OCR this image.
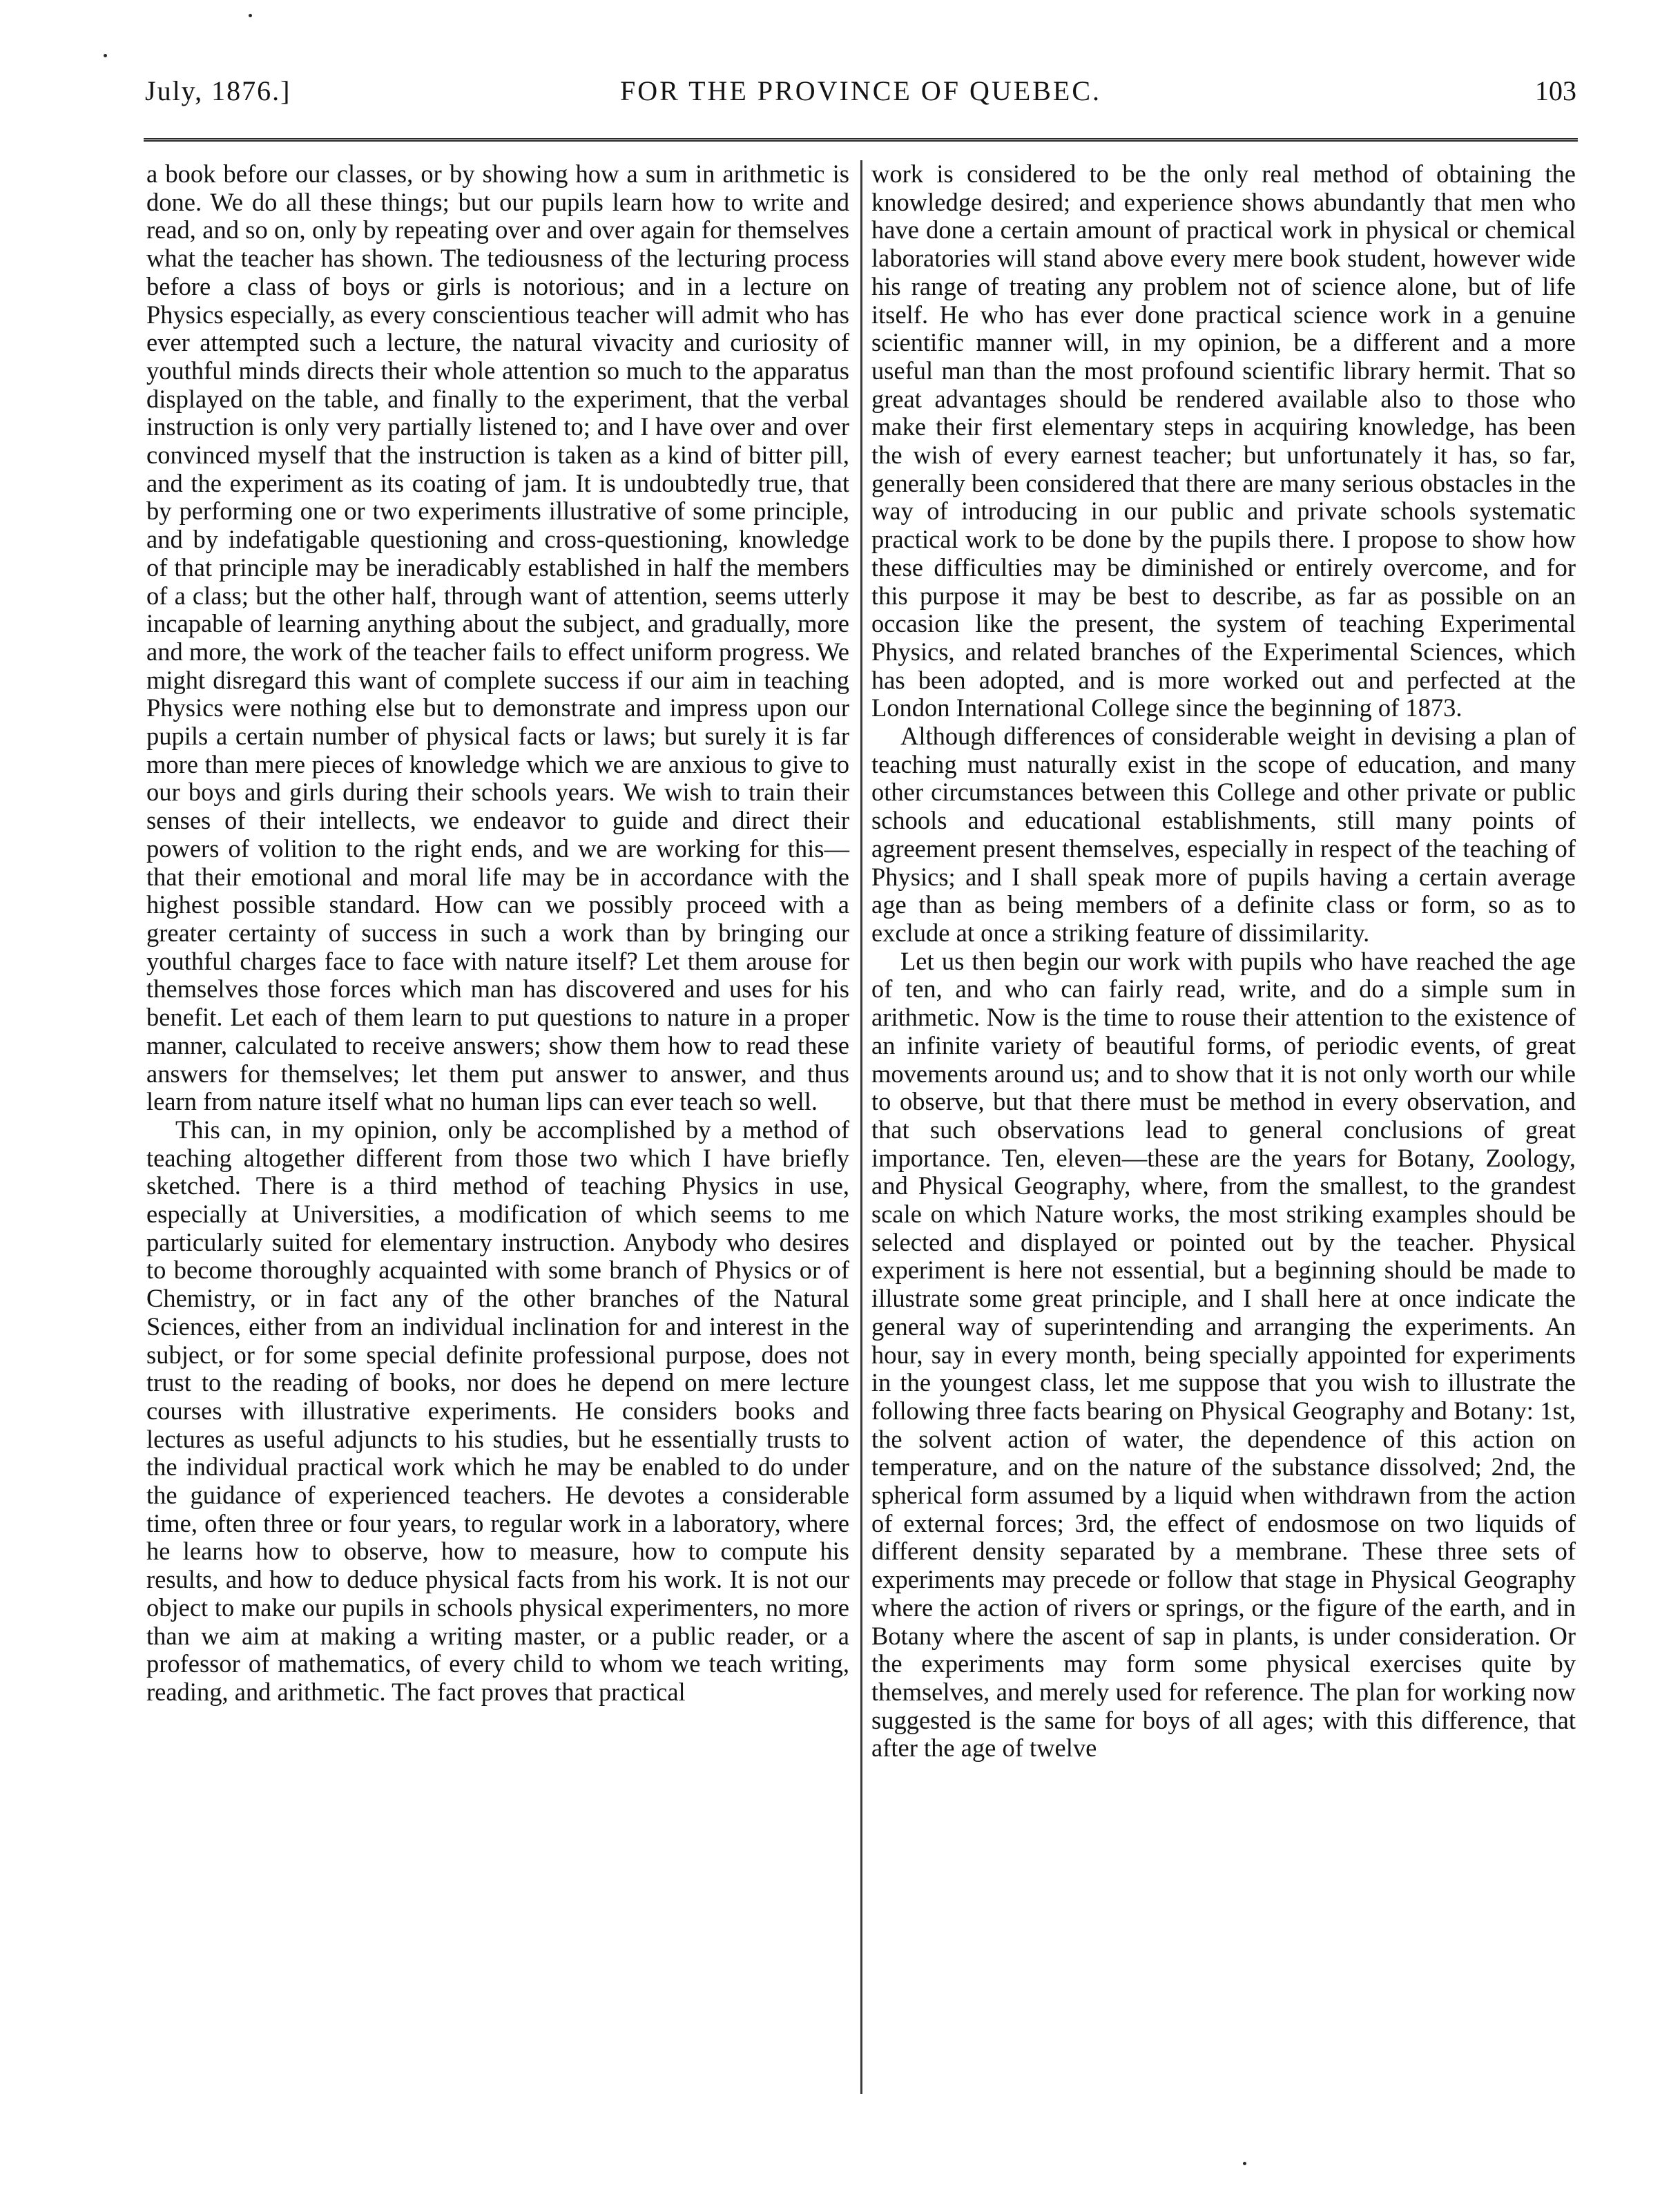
July, 1876.]	FOR THE PROVINCE OF QUEBEC.	103

a book before our classes, or by showing how a sum in arithmetic is done. We do all these things; but our pupils learn how to write and read, and so on, only by repeating over and over again for themselves what the teacher has shown. The tediousness of the lecturing process before a class of boys or girls is notorious; and in a lecture on Physics especially, as every conscientious teacher will admit who has ever attempted such a lecture, the natural vivacity and curiosity of youthful minds directs their whole attention so much to the apparatus displayed on the table, and finally to the experiment, that the verbal instruction is only very partially listened to; and I have over and over convinced myself that the instruction is taken as a kind of bitter pill, and the experiment as its coating of jam. It is undoubtedly true, that by performing one or two experiments illustrative of some principle, and by indefatigable questioning and cross-questioning, knowledge of that principle may be ineradicably established in half the members of a class; but the other half, through want of attention, seems utterly incapable of learning anything about the subject, and gradually, more and more, the work of the teacher fails to effect uniform progress. We might disregard this want of complete success if our aim in teaching Physics were nothing else but to demonstrate and impress upon our pupils a certain number of physical facts or laws; but surely it is far more than mere pieces of knowledge which we are anxious to give to our boys and girls during their schools years. We wish to train their senses of their intellects, we endeavor to guide and direct their powers of volition to the right ends, and we are working for this—that their emotional and moral life may be in accordance with the highest possible standard. How can we possibly proceed with a greater certainty of success in such a work than by bringing our youthful charges face to face with nature itself? Let them arouse for themselves those forces which man has discovered and uses for his benefit. Let each of them learn to put questions to nature in a proper manner, calculated to receive answers; show them how to read these answers for themselves; let them put answer to answer, and thus learn from nature itself what no human lips can ever teach so well.

This can, in my opinion, only be accomplished by a method of teaching altogether different from those two which I have briefly sketched. There is a third method of teaching Physics in use, especially at Universities, a modification of which seems to me particularly suited for elementary instruction. Anybody who desires to become thoroughly acquainted with some branch of Physics or of Chemistry, or in fact any of the other branches of the Natural Sciences, either from an individual inclination for and interest in the subject, or for some special definite professional purpose, does not trust to the reading of books, nor does he depend on mere lecture courses with illustrative experiments. He considers books and lectures as useful adjuncts to his studies, but he essentially trusts to the individual practical work which he may be enabled to do under the guidance of experienced teachers. He devotes a considerable time, often three or four years, to regular work in a laboratory, where he learns how to observe, how to measure, how to compute his results, and how to deduce physical facts from his work. It is not our object to make our pupils in schools physical experimenters, no more than we aim at making a writing master, or a public reader, or a professor of mathematics, of every child to whom we teach writing, reading, and arithmetic. The fact proves that practical

work is considered to be the only real method of obtaining the knowledge desired; and experience shows abundantly that men who have done a certain amount of practical work in physical or chemical laboratories will stand above every mere book student, however wide his range of treating any problem not of science alone, but of life itself. He who has ever done practical science work in a genuine scientific manner will, in my opinion, be a different and a more useful man than the most profound scientific library hermit. That so great advantages should be rendered available also to those who make their first elementary steps in acquiring knowledge, has been the wish of every earnest teacher; but unfortunately it has, so far, generally been considered that there are many serious obstacles in the way of introducing in our public and private schools systematic practical work to be done by the pupils there. I propose to show how these difficulties may be diminished or entirely overcome, and for this purpose it may be best to describe, as far as possible on an occasion like the present, the system of teaching Experimental Physics, and related branches of the Experimental Sciences, which has been adopted, and is more worked out and perfected at the London International College since the beginning of 1873.

Although differences of considerable weight in devising a plan of teaching must naturally exist in the scope of education, and many other circumstances between this College and other private or public schools and educational establishments, still many points of agreement present themselves, especially in respect of the teaching of Physics; and I shall speak more of pupils having a certain average age than as being members of a definite class or form, so as to exclude at once a striking feature of dissimilarity.

Let us then begin our work with pupils who have reached the age of ten, and who can fairly read, write, and do a simple sum in arithmetic. Now is the time to rouse their attention to the existence of an infinite variety of beautiful forms, of periodic events, of great movements around us; and to show that it is not only worth our while to observe, but that there must be method in every observation, and that such observations lead to general conclusions of great importance. Ten, eleven—these are the years for Botany, Zoology, and Physical Geography, where, from the smallest, to the grandest scale on which Nature works, the most striking examples should be selected and displayed or pointed out by the teacher. Physical experiment is here not essential, but a beginning should be made to illustrate some great principle, and I shall here at once indicate the general way of superintending and arranging the experiments. An hour, say in every month, being specially appointed for experiments in the youngest class, let me suppose that you wish to illustrate the following three facts bearing on Physical Geography and Botany: 1st, the solvent action of water, the dependence of this action on temperature, and on the nature of the substance dissolved; 2nd, the spherical form assumed by a liquid when withdrawn from the action of external forces; 3rd, the effect of endosmose on two liquids of different density separated by a membrane. These three sets of experiments may precede or follow that stage in Physical Geography where the action of rivers or springs, or the figure of the earth, and in Botany where the ascent of sap in plants, is under consideration. Or the experiments may form some physical exercises quite by themselves, and merely used for reference. The plan for working now suggested is the same for boys of all ages; with this difference, that after the age of twelve
